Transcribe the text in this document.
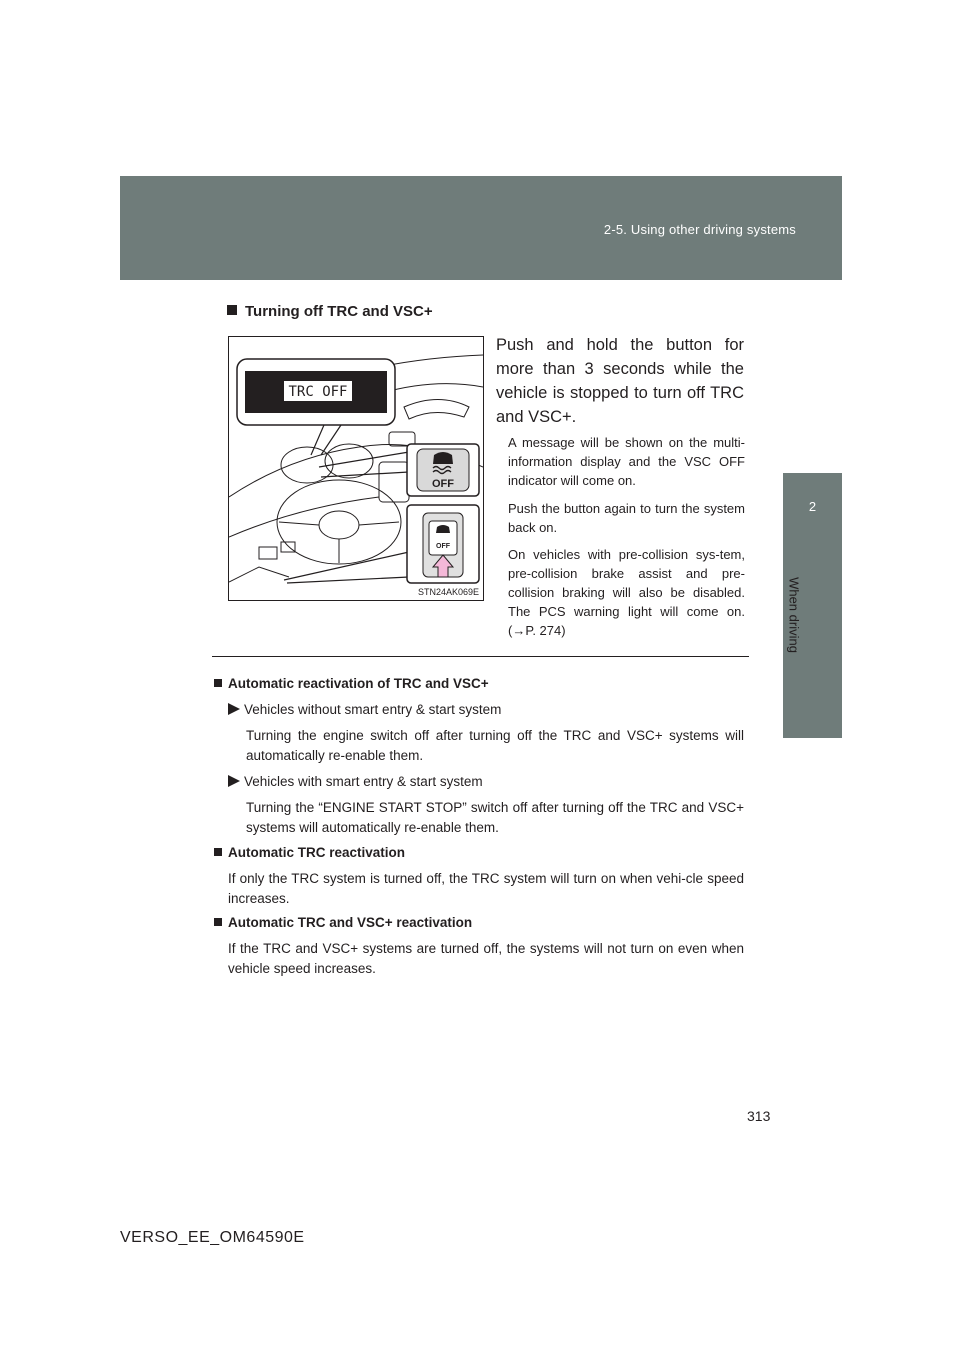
2-5. Using other driving systems
2
When driving
Turning off TRC and VSC+
TRC OFF
OFF
OFF
STN24AK069E
Push and hold the button for more than 3 seconds while the vehicle is stopped to turn off TRC and VSC+.
A message will be shown on the multi-information display and the VSC OFF indicator will come on.
Push the button again to turn the system back on.
On vehicles with pre-collision sys-tem, pre-collision brake assist and pre-collision braking will also be disabled. The PCS warning light will come on. (→P. 274)
Automatic reactivation of TRC and VSC+
Vehicles without smart entry & start system
Turning the engine switch off after turning off the TRC and VSC+ systems will automatically re-enable them.
Vehicles with smart entry & start system
Turning the “ENGINE START STOP” switch off after turning off the TRC and VSC+ systems will automatically re-enable them.
Automatic TRC reactivation
If only the TRC system is turned off, the TRC system will turn on when vehi-cle speed increases.
Automatic TRC and VSC+ reactivation
If the TRC and VSC+ systems are turned off, the systems will not turn on even when vehicle speed increases.
313
VERSO_EE_OM64590E
